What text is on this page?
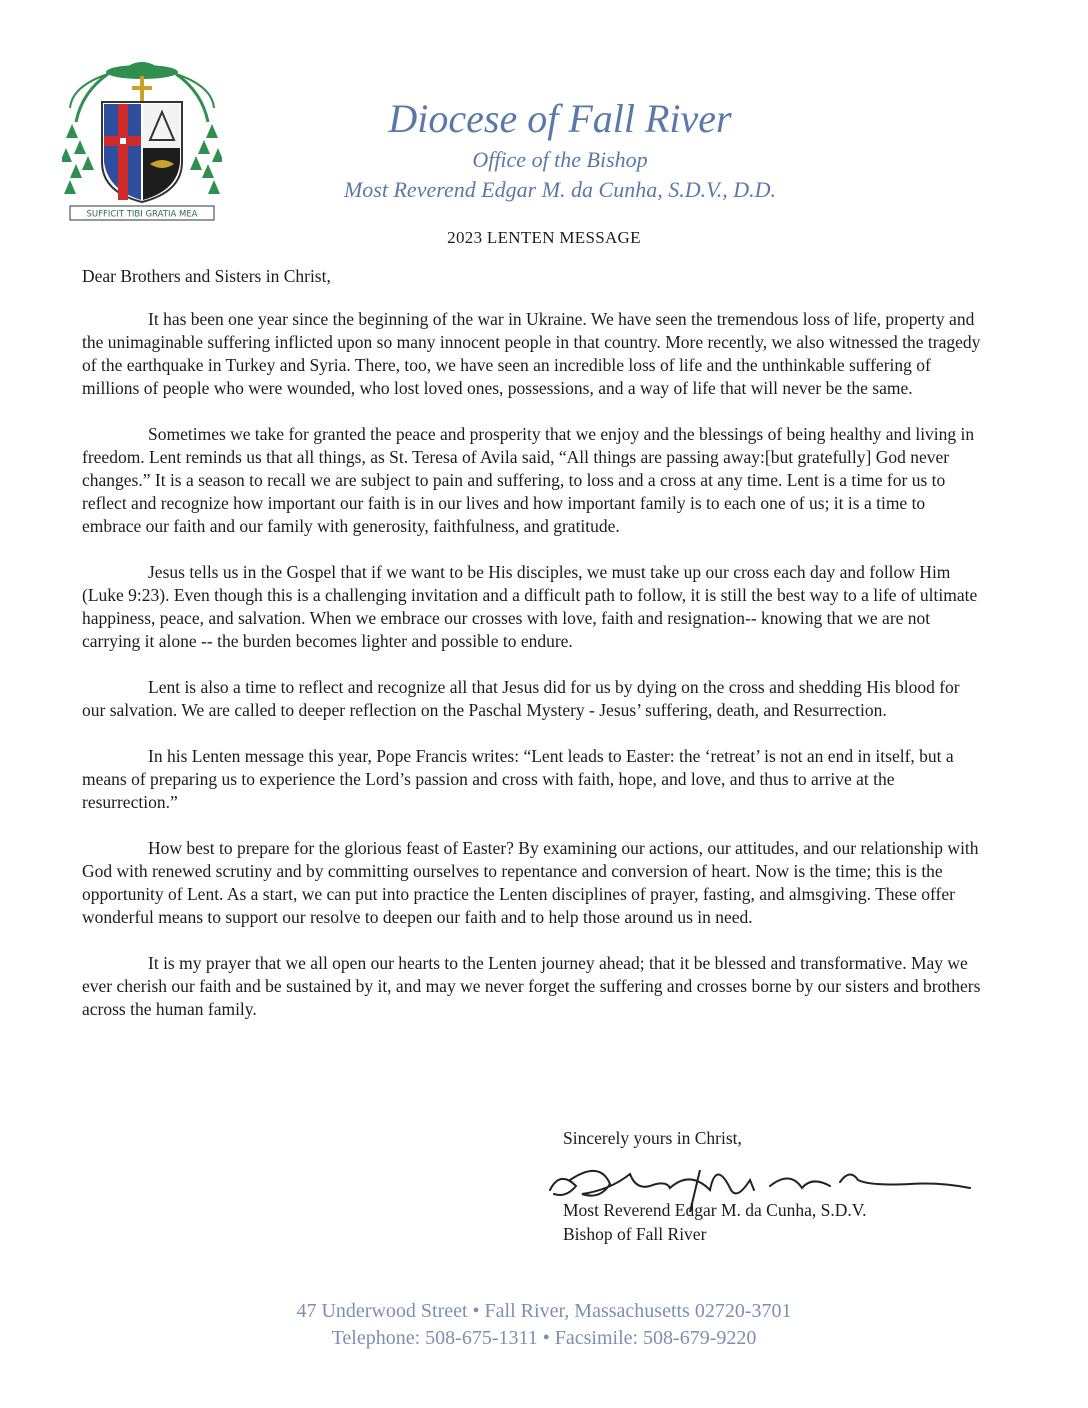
SUFFICIT TIBI GRATIA MEA
Diocese of Fall River
Office of the Bishop
Most Reverend Edgar M. da Cunha, S.D.V., D.D.
2023 LENTEN MESSAGE
Dear Brothers and Sisters in Christ,

It has been one year since the beginning of the war in Ukraine. We have seen the tremendous loss of life, property and the unimaginable suffering inflicted upon so many innocent people in that country. More recently, we also witnessed the tragedy of the earthquake in Turkey and Syria. There, too, we have seen an incredible loss of life and the unthinkable suffering of millions of people who were wounded, who lost loved ones, possessions, and a way of life that will never be the same.

Sometimes we take for granted the peace and prosperity that we enjoy and the blessings of being healthy and living in freedom. Lent reminds us that all things, as St. Teresa of Avila said, “All things are passing away:[but gratefully] God never changes.” It is a season to recall we are subject to pain and suffering, to loss and a cross at any time. Lent is a time for us to reflect and recognize how important our faith is in our lives and how important family is to each one of us; it is a time to embrace our faith and our family with generosity, faithfulness, and gratitude.

Jesus tells us in the Gospel that if we want to be His disciples, we must take up our cross each day and follow Him (Luke 9:23). Even though this is a challenging invitation and a difficult path to follow, it is still the best way to a life of ultimate happiness, peace, and salvation. When we embrace our crosses with love, faith and resignation-- knowing that we are not carrying it alone -- the burden becomes lighter and possible to endure.

Lent is also a time to reflect and recognize all that Jesus did for us by dying on the cross and shedding His blood for our salvation. We are called to deeper reflection on the Paschal Mystery - Jesus’ suffering, death, and Resurrection.

In his Lenten message this year, Pope Francis writes: “Lent leads to Easter: the ‘retreat’ is not an end in itself, but a means of preparing us to experience the Lord’s passion and cross with faith, hope, and love, and thus to arrive at the resurrection.”

How best to prepare for the glorious feast of Easter? By examining our actions, our attitudes, and our relationship with God with renewed scrutiny and by committing ourselves to repentance and conversion of heart. Now is the time; this is the opportunity of Lent. As a start, we can put into practice the Lenten disciplines of prayer, fasting, and almsgiving. These offer wonderful means to support our resolve to deepen our faith and to help those around us in need.

It is my prayer that we all open our hearts to the Lenten journey ahead; that it be blessed and transformative. May we ever cherish our faith and be sustained by it, and may we never forget the suffering and crosses borne by our sisters and brothers across the human family.

Sincerely yours in Christ,
Most Reverend Edgar M. da Cunha, S.D.V.
Bishop of Fall River
47 Underwood Street • Fall River, Massachusetts 02720-3701
Telephone: 508-675-1311 • Facsimile: 508-679-9220
